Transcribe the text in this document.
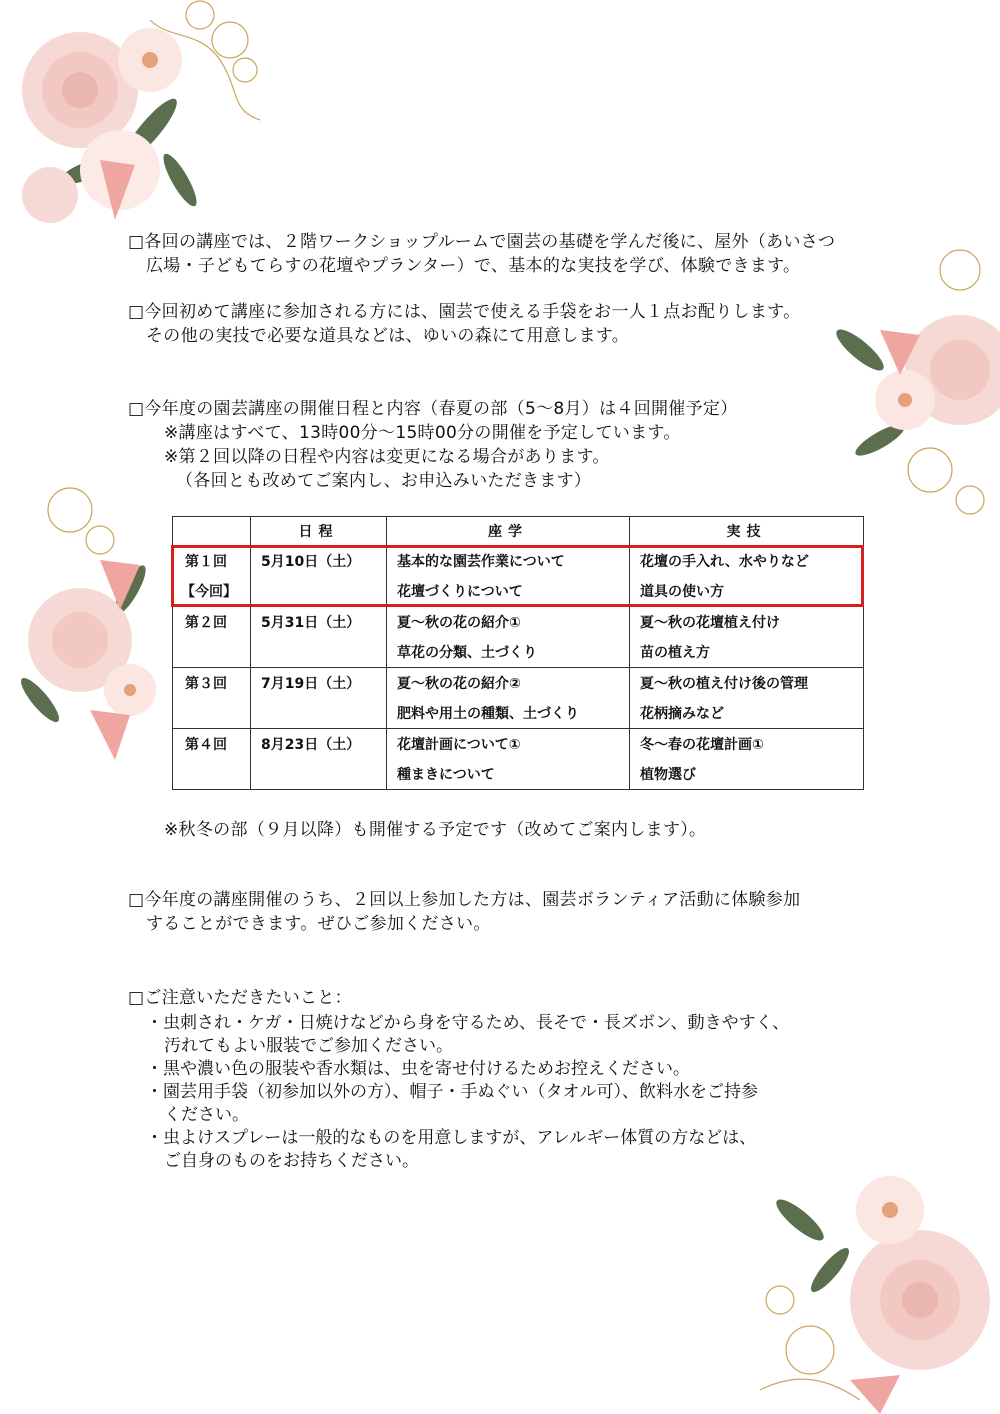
□各回の講座では、２階ワークショップルームで園芸の基礎を学んだ後に、屋外（あいさつ

広場・子どもてらすの花壇やプランター）で、基本的な実技を学び、体験できます。

□今回初めて講座に参加される方には、園芸で使える手袋をお一人１点お配りします。

その他の実技で必要な道具などは、ゆいの森にて用意します。

□今年度の園芸講座の開催日程と内容（春夏の部（5～8月）は４回開催予定）

※講座はすべて、13時00分～15時00分の開催を予定しています。

※第２回以降の日程や内容は変更になる場合があります。

（各回とも改めてご案内し、お申込みいただきます）

	日程	座学	実技
第１回	5月10日（土）	基本的な園芸作業について	花壇の手入れ、水やりなど
【今回】		花壇づくりについて	道具の使い方
第２回	5月31日（土）	夏～秋の花の紹介①	夏～秋の花壇植え付け
		草花の分類、土づくり	苗の植え方
第３回	7月19日（土）	夏～秋の花の紹介②	夏～秋の植え付け後の管理
		肥料や用土の種類、土づくり	花柄摘みなど
第４回	8月23日（土）	花壇計画について①	冬～春の花壇計画①
		種まきについて	植物選び

※秋冬の部（９月以降）も開催する予定です（改めてご案内します）。

□今年度の講座開催のうち、２回以上参加した方は、園芸ボランティア活動に体験参加

することができます。ぜひご参加ください。

□ご注意いただきたいこと：

・虫刺され・ケガ・日焼けなどから身を守るため、長そで・長ズボン、動きやすく、
汚れてもよい服装でご参加ください。
・黒や濃い色の服装や香水類は、虫を寄せ付けるためお控えください。
・園芸用手袋（初参加以外の方）、帽子・手ぬぐい（タオル可）、飲料水をご持参
ください。
・虫よけスプレーは一般的なものを用意しますが、アレルギー体質の方などは、
ご自身のものをお持ちください。
